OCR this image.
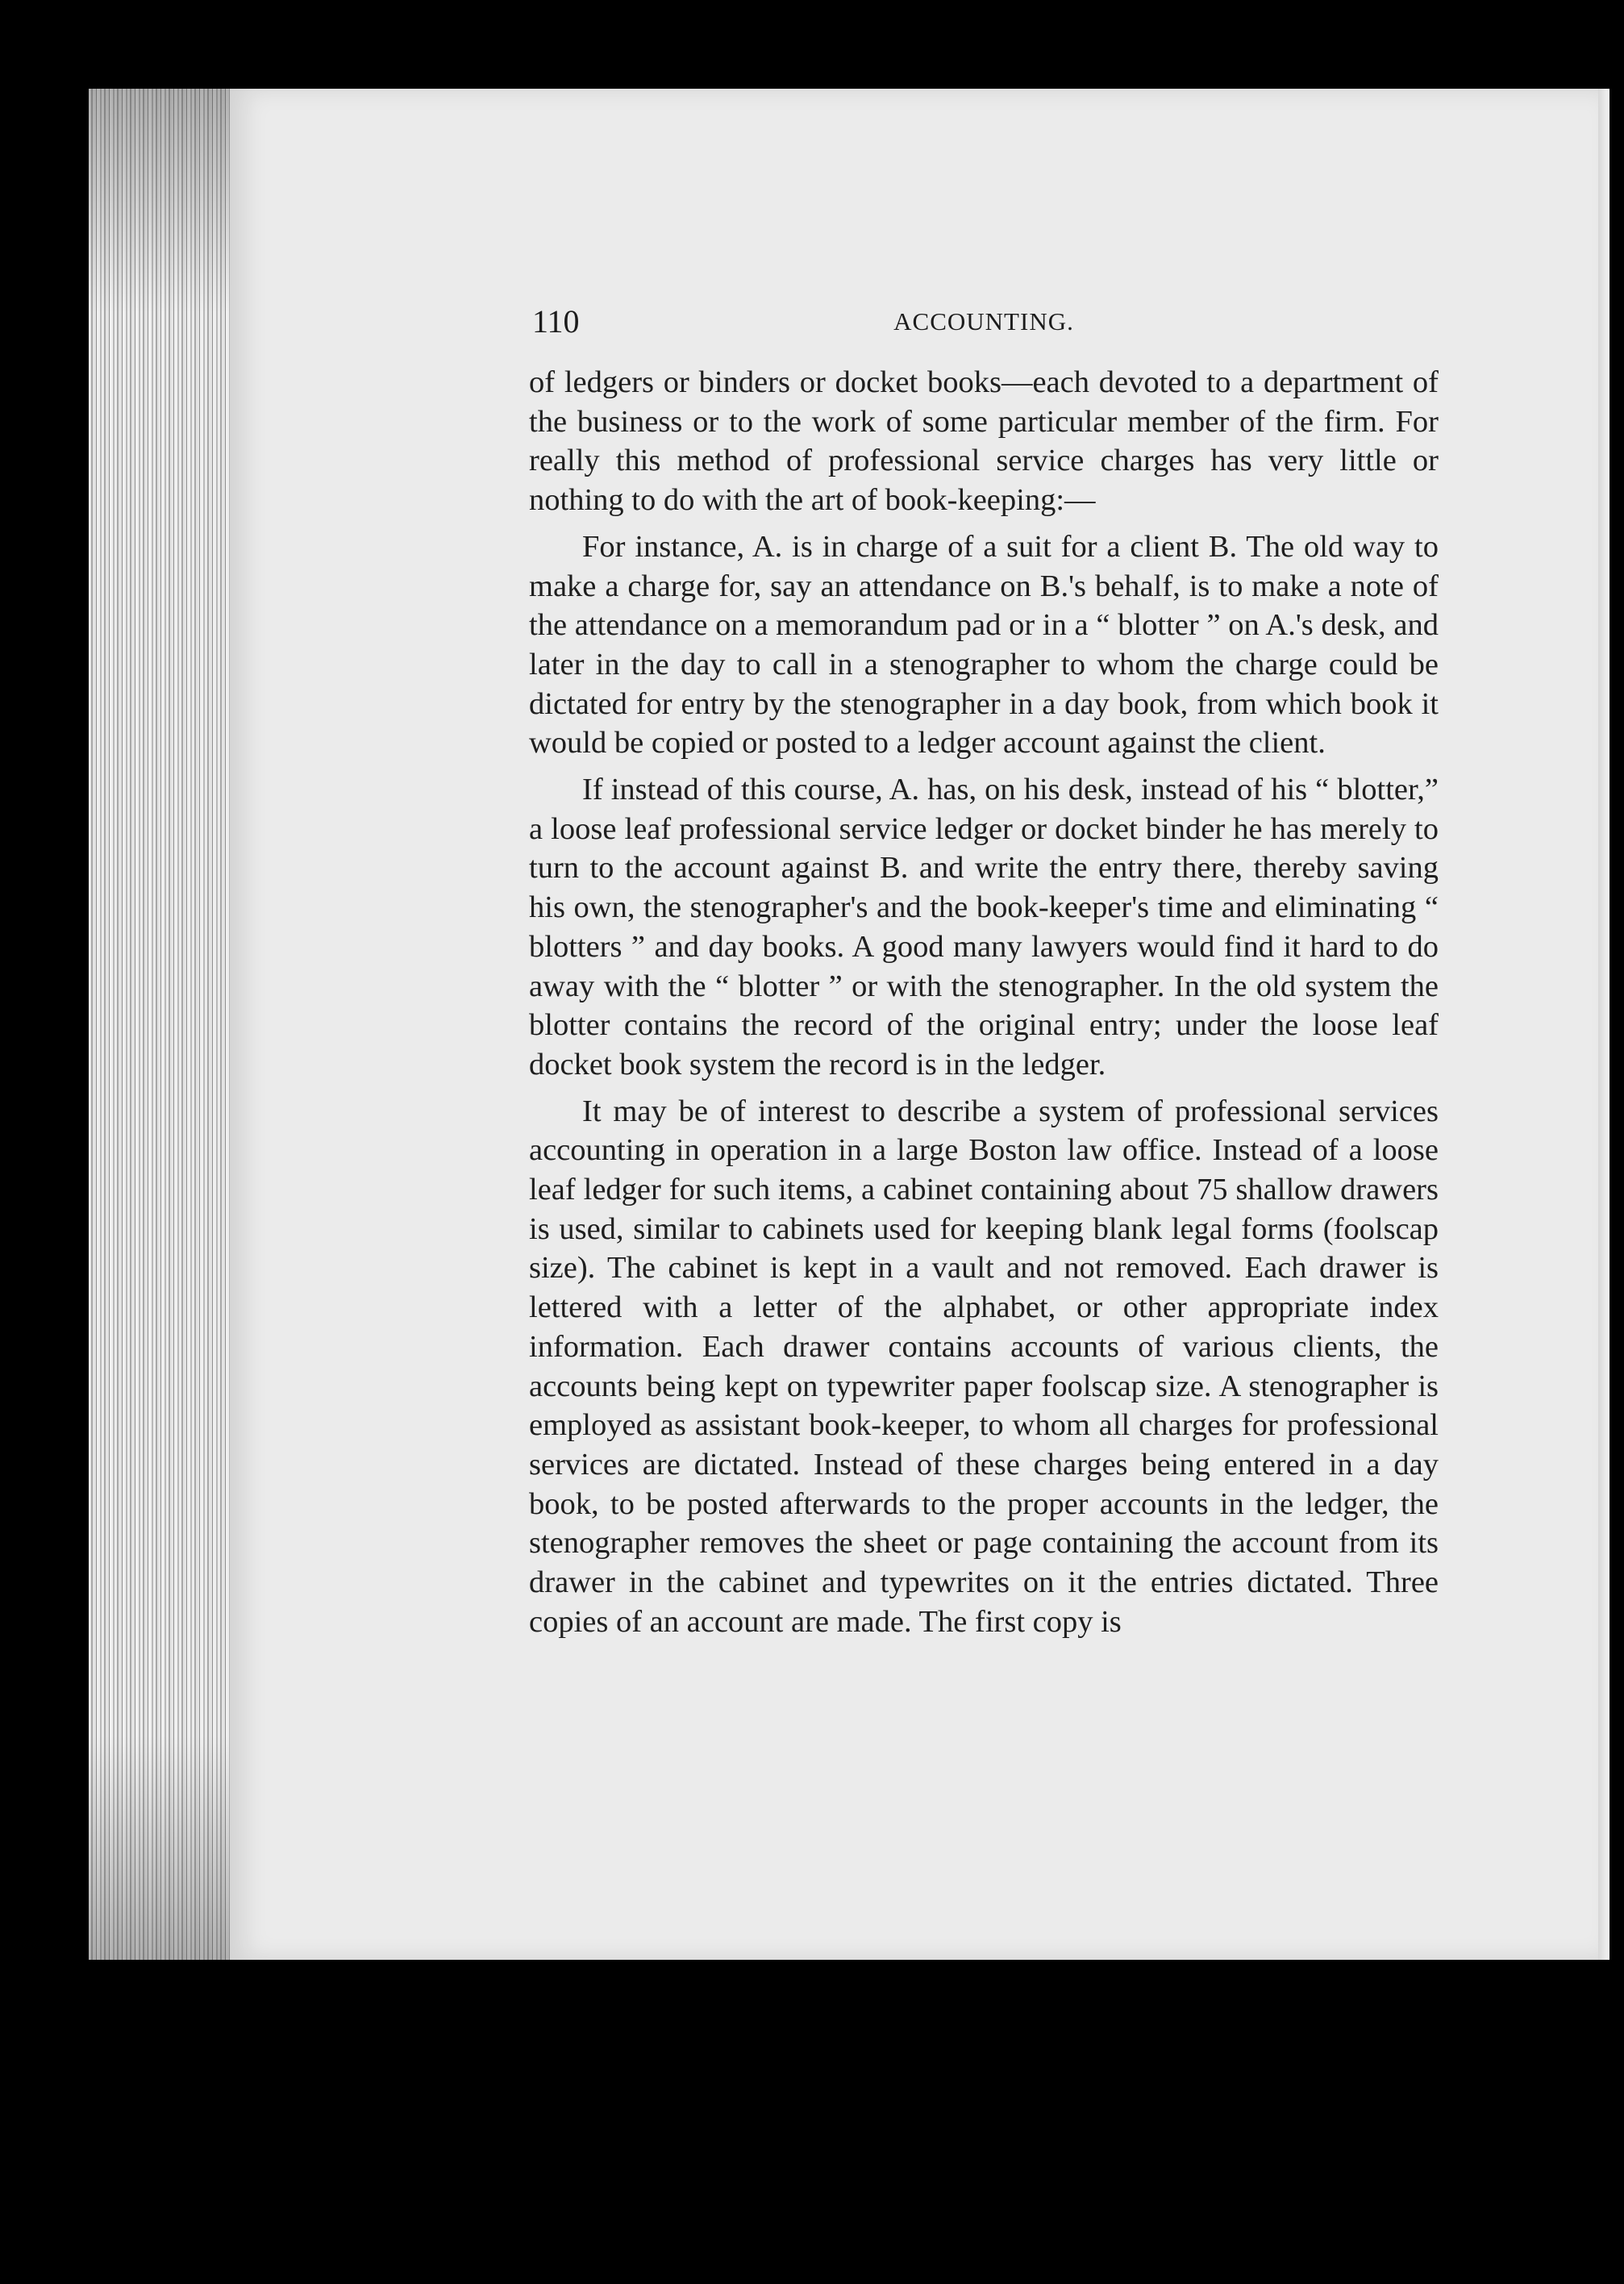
110	ACCOUNTING.

of ledgers or binders or docket books—each devoted to a department of the business or to the work of some particular member of the firm. For really this method of professional service charges has very little or nothing to do with the art of book-keeping:—

For instance, A. is in charge of a suit for a client B. The old way to make a charge for, say an attendance on B.'s behalf, is to make a note of the attendance on a memorandum pad or in a “ blotter ” on A.'s desk, and later in the day to call in a stenographer to whom the charge could be dictated for entry by the stenographer in a day book, from which book it would be copied or posted to a ledger account against the client.

If instead of this course, A. has, on his desk, instead of his “ blotter,” a loose leaf professional service ledger or docket binder he has merely to turn to the account against B. and write the entry there, thereby saving his own, the stenographer's and the book-keeper's time and eliminating “ blotters ” and day books. A good many lawyers would find it hard to do away with the “ blotter ” or with the stenographer. In the old system the blotter contains the record of the original entry; under the loose leaf docket book system the record is in the ledger.

It may be of interest to describe a system of professional services accounting in operation in a large Boston law office. Instead of a loose leaf ledger for such items, a cabinet containing about 75 shallow drawers is used, similar to cabinets used for keeping blank legal forms (foolscap size). The cabinet is kept in a vault and not removed. Each drawer is lettered with a letter of the alphabet, or other appropriate index information. Each drawer contains accounts of various clients, the accounts being kept on typewriter paper foolscap size. A stenographer is employed as assistant book-keeper, to whom all charges for professional services are dictated. Instead of these charges being entered in a day book, to be posted afterwards to the proper accounts in the ledger, the stenographer removes the sheet or page containing the account from its drawer in the cabinet and typewrites on it the entries dictated. Three copies of an account are made. The first copy is
